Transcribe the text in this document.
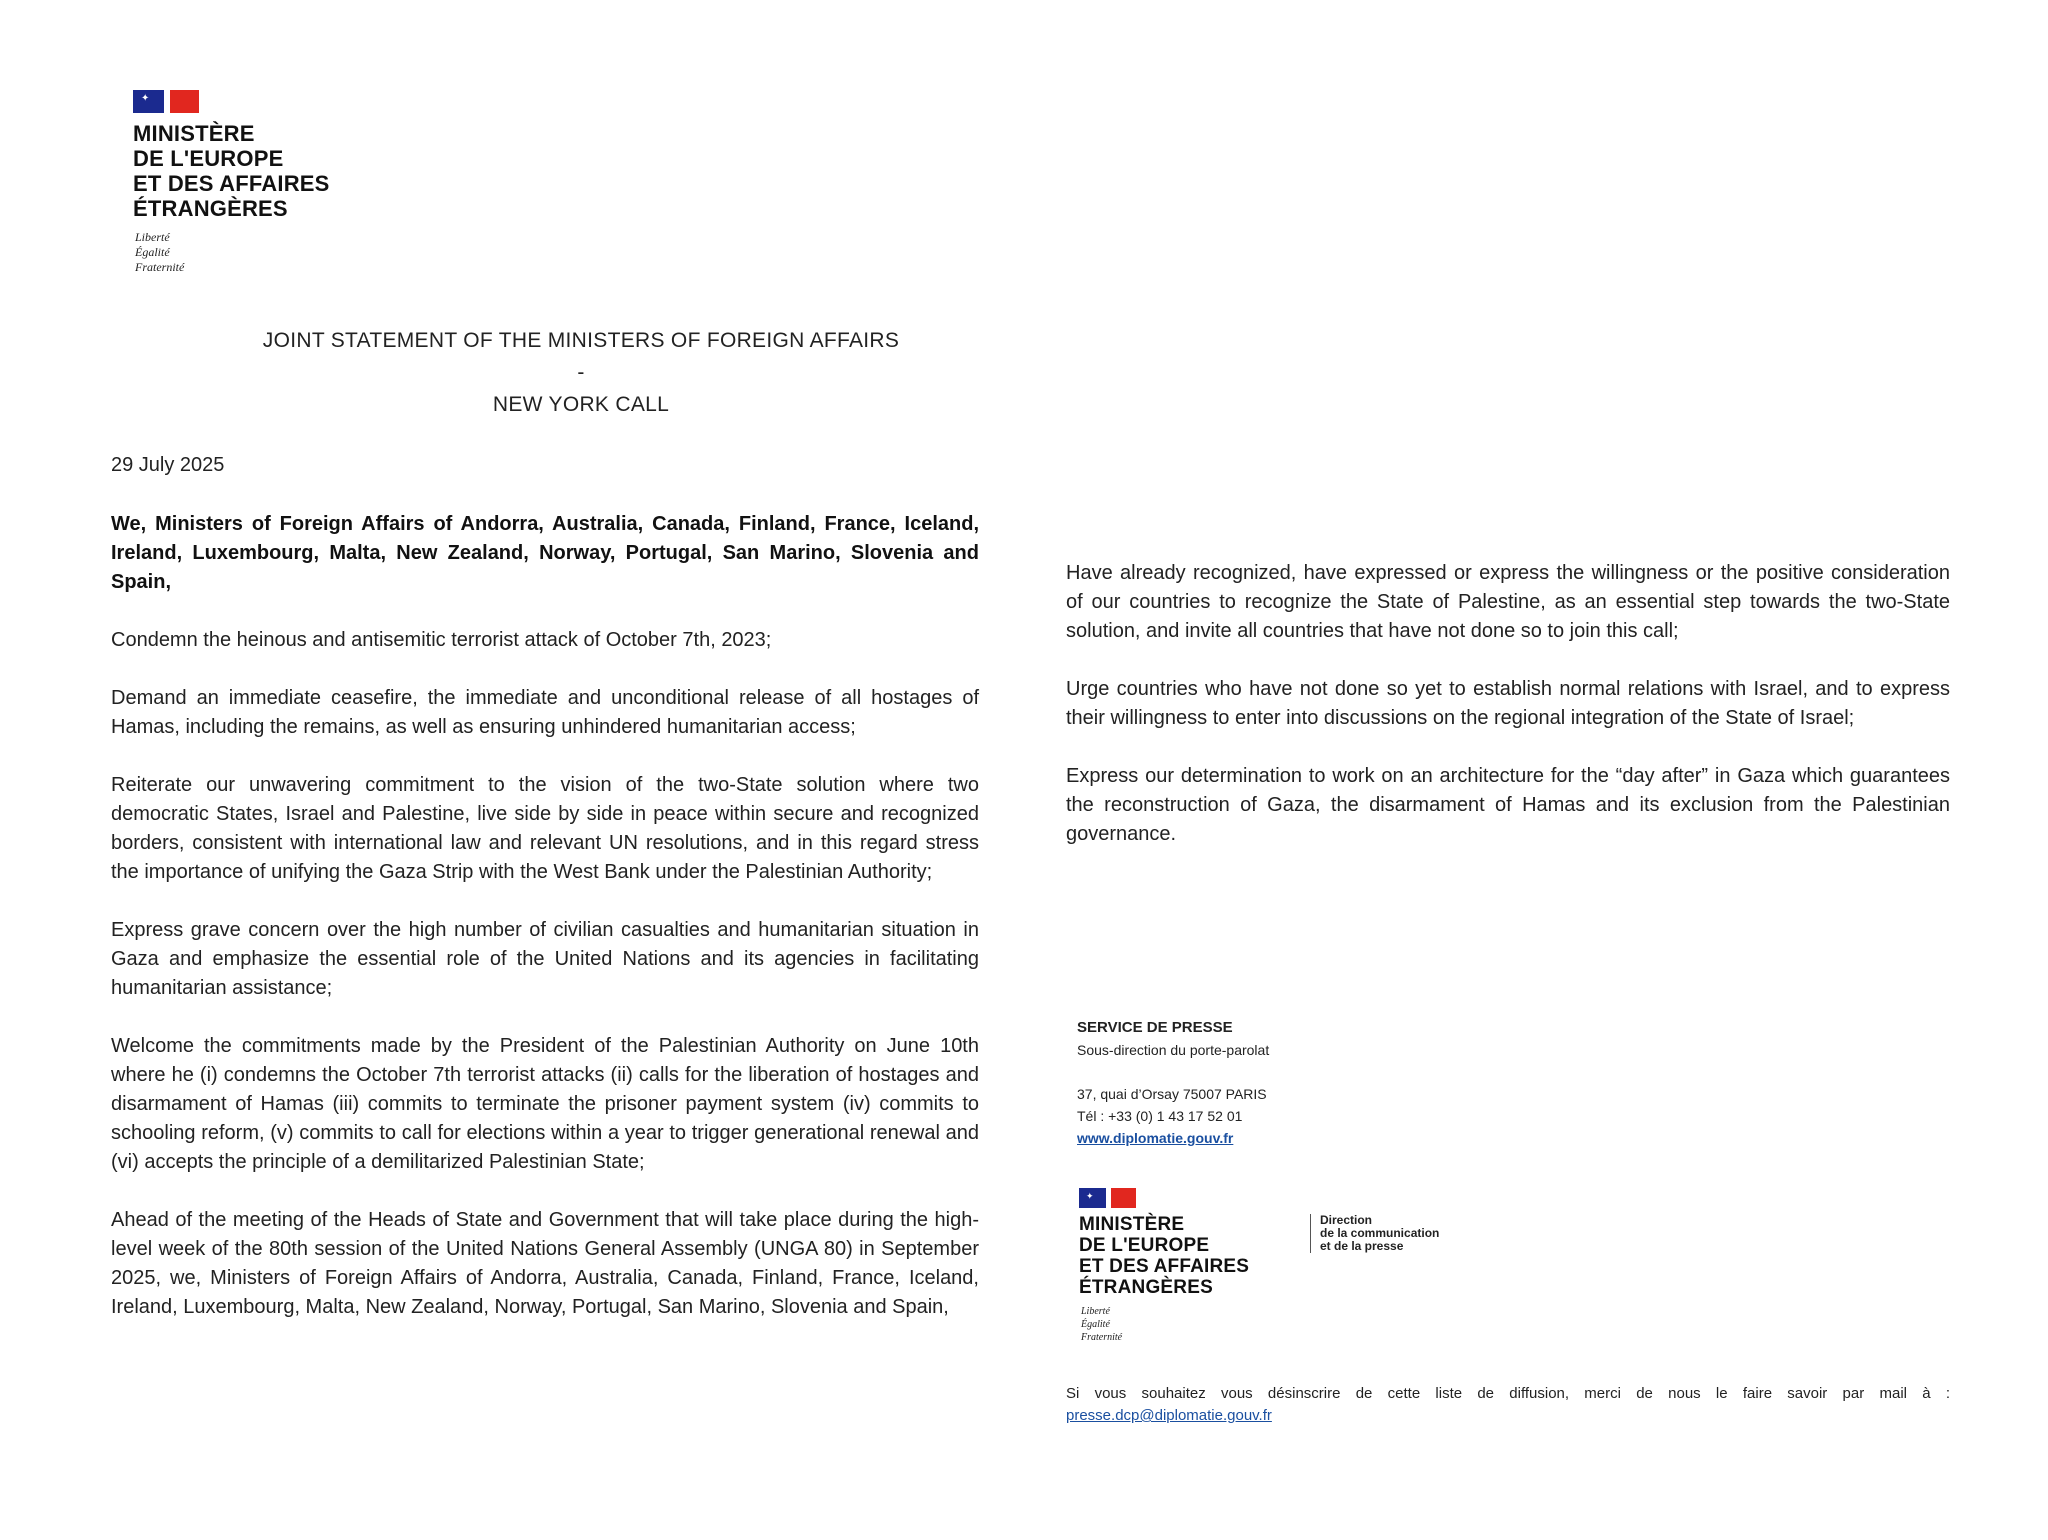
✦
MINISTÈRE
DE L'EUROPE
ET DES AFFAIRES
ÉTRANGÈRES
Liberté
Égalité
Fraternité
JOINT STATEMENT OF THE MINISTERS OF FOREIGN AFFAIRS
-
NEW YORK CALL
29 July 2025

We, Ministers of Foreign Affairs of Andorra, Australia, Canada, Finland, France, Iceland, Ireland, Luxembourg, Malta, New Zealand, Norway, Portugal, San Marino, Slovenia and Spain,

Condemn the heinous and antisemitic terrorist attack of October 7th, 2023;

Demand an immediate ceasefire, the immediate and unconditional release of all hostages of Hamas, including the remains, as well as ensuring unhindered humanitarian access;

Reiterate our unwavering commitment to the vision of the two-State solution where two democratic States, Israel and Palestine, live side by side in peace within secure and recognized borders, consistent with international law and relevant UN resolutions, and in this regard stress the importance of unifying the Gaza Strip with the West Bank under the Palestinian Authority;

Express grave concern over the high number of civilian casualties and humanitarian situation in Gaza and emphasize the essential role of the United Nations and its agencies in facilitating humanitarian assistance;

Welcome the commitments made by the President of the Palestinian Authority on June 10th where he (i) condemns the October 7th terrorist attacks (ii) calls for the liberation of hostages and disarmament of Hamas (iii) commits to terminate the prisoner payment system (iv) commits to schooling reform, (v) commits to call for elections within a year to trigger generational renewal and (vi) accepts the principle of a demilitarized Palestinian State;

Ahead of the meeting of the Heads of State and Government that will take place during the high-level week of the 80th session of the United Nations General Assembly (UNGA 80) in September 2025, we, Ministers of Foreign Affairs of Andorra, Australia, Canada, Finland, France, Iceland, Ireland, Luxembourg, Malta, New Zealand, Norway, Portugal, San Marino, Slovenia and Spain,

Have already recognized, have expressed or express the willingness or the positive consideration of our countries to recognize the State of Palestine, as an essential step towards the two-State solution, and invite all countries that have not done so to join this call;

Urge countries who have not done so yet to establish normal relations with Israel, and to express their willingness to enter into discussions on the regional integration of the State of Israel;

Express our determination to work on an architecture for the “day after” in Gaza which guarantees the reconstruction of Gaza, the disarmament of Hamas and its exclusion from the Palestinian governance.

SERVICE DE PRESSE
Sous-direction du porte-parolat
37, quai d’Orsay 75007 PARIS
Tél : +33 (0) 1 43 17 52 01
www.diplomatie.gouv.fr
✦
MINISTÈRE
DE L'EUROPE
ET DES AFFAIRES
ÉTRANGÈRES
Liberté
Égalité
Fraternité
Direction
de la communication
et de la presse
Si vous souhaitez vous désinscrire de cette liste de diffusion, merci de nous le faire savoir par mail à :
presse.dcp@diplomatie.gouv.fr
